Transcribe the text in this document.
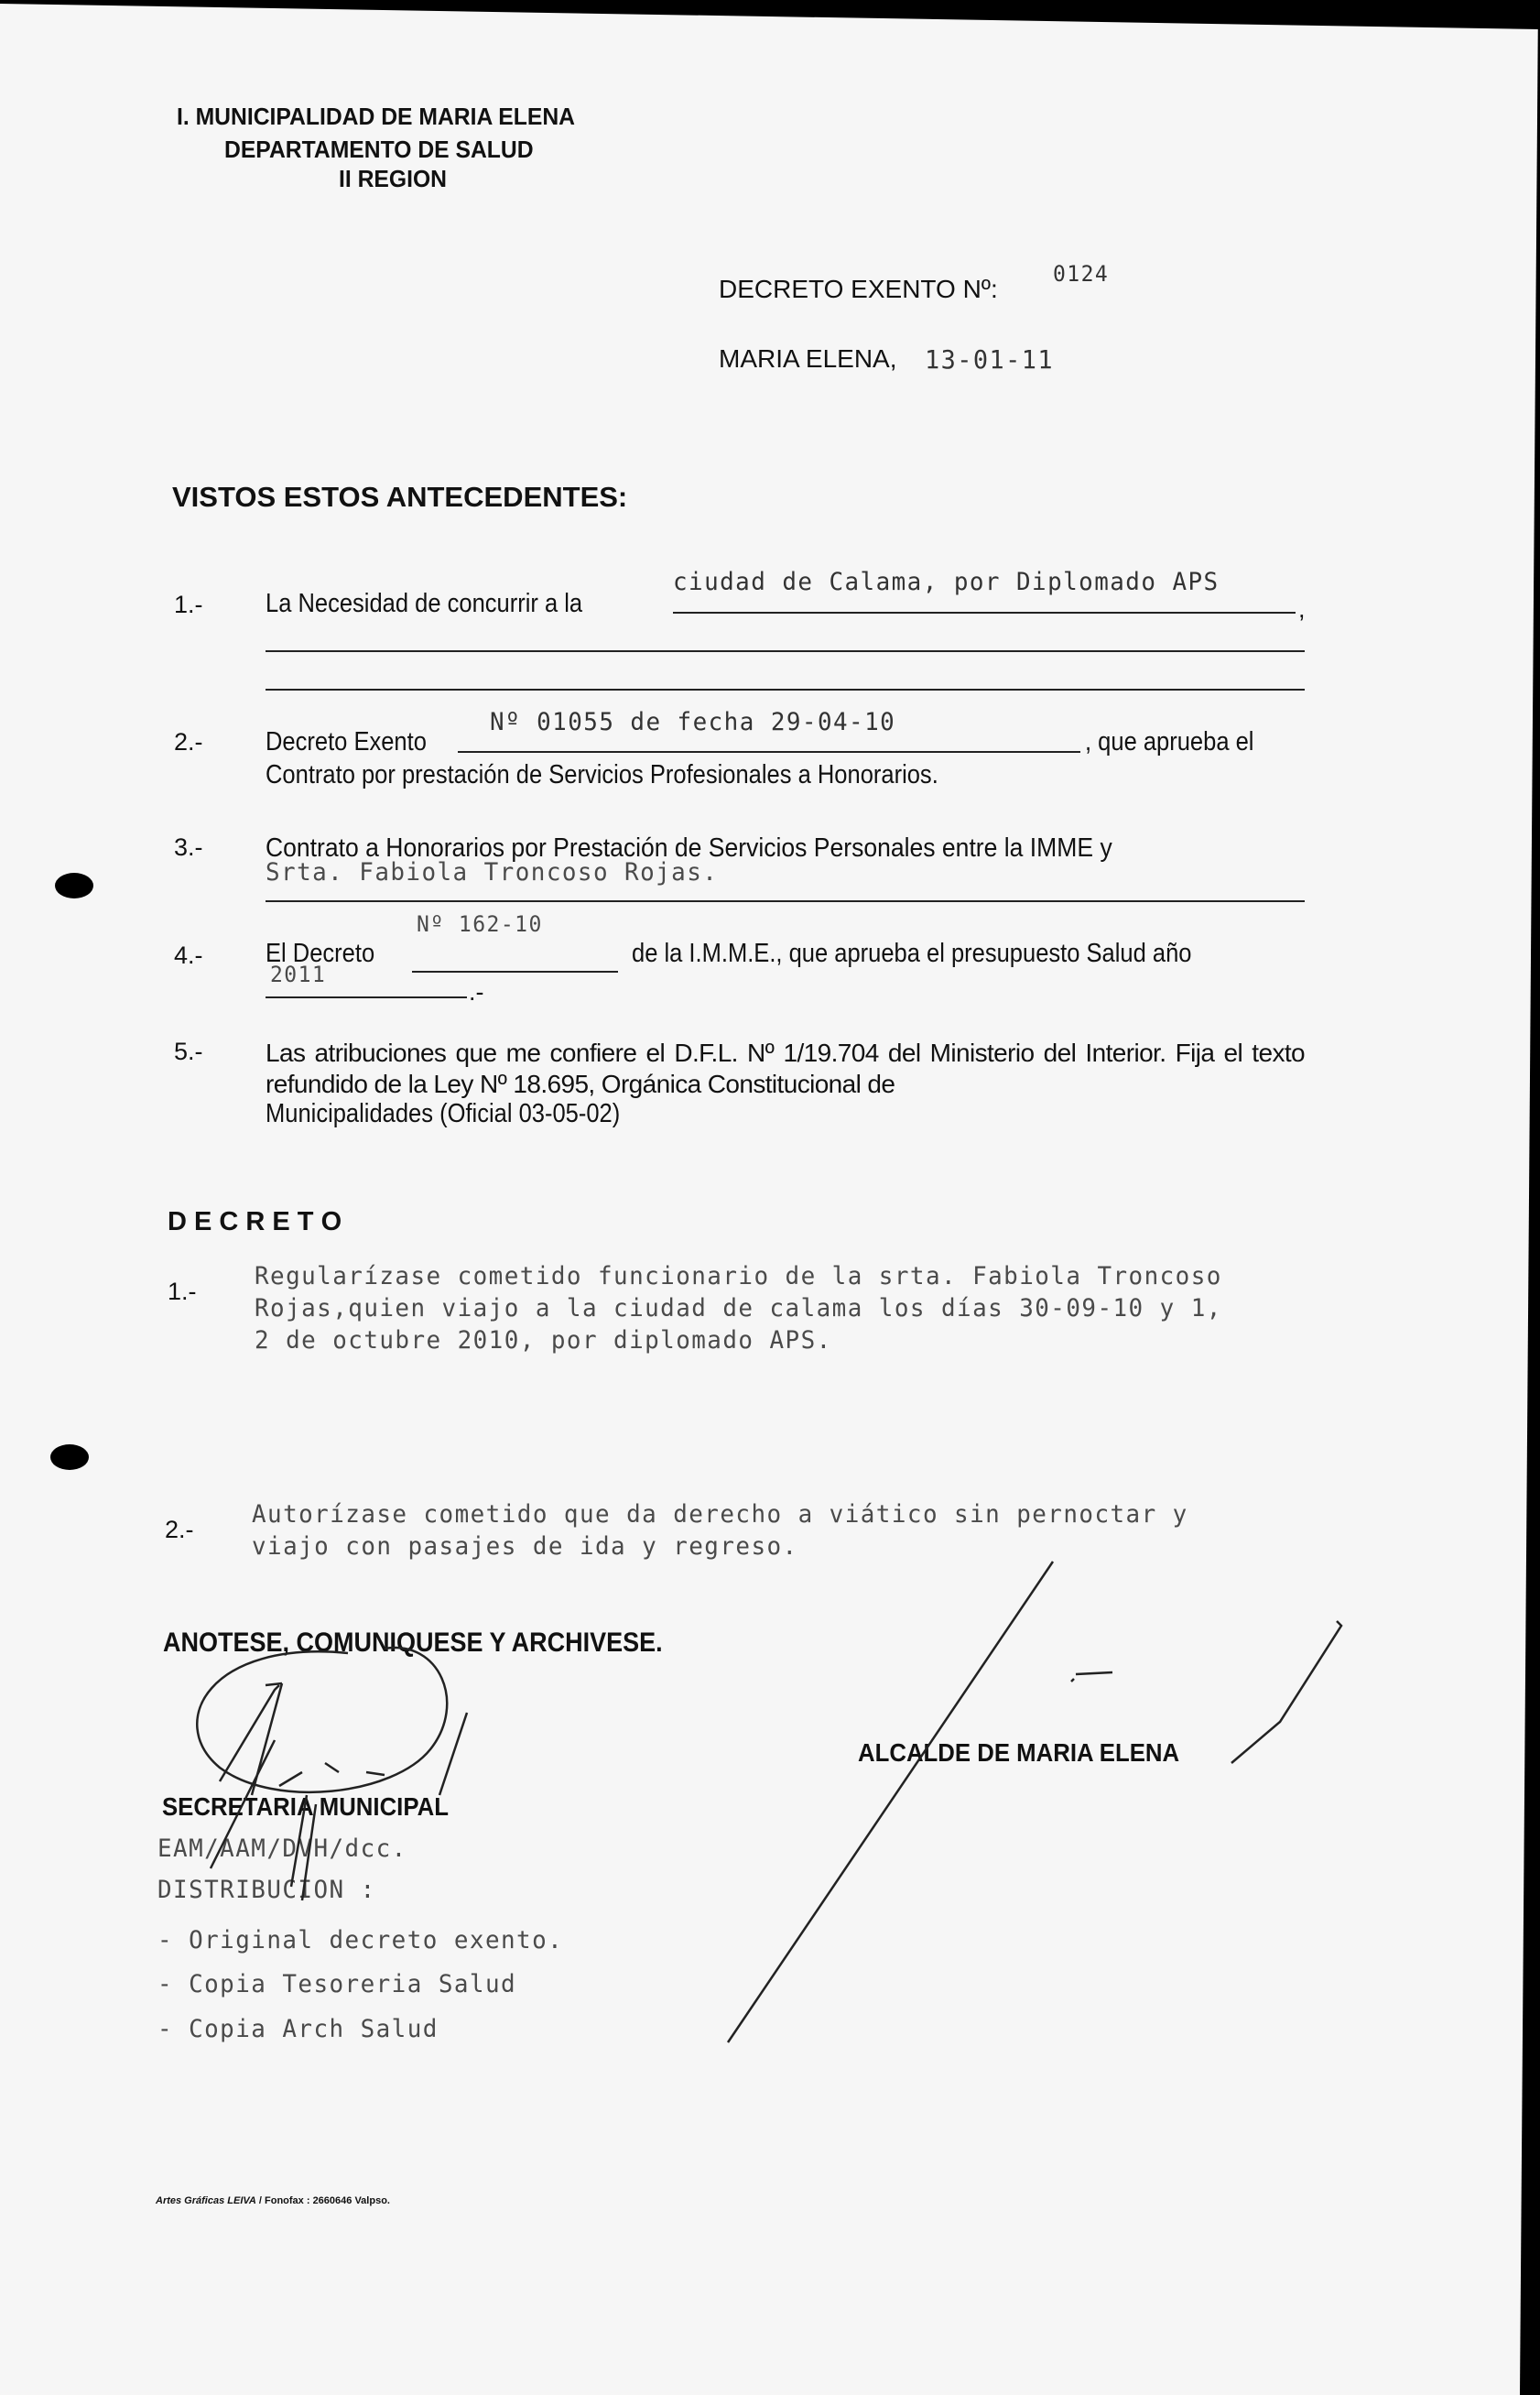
I. MUNICIPALIDAD DE MARIA ELENA
DEPARTAMENTO DE SALUD
II REGION
DECRETO EXENTO Nº:
0124
MARIA ELENA, 13-01-11
VISTOS ESTOS ANTECEDENTES:
1.- La Necesidad de concurrir a la
ciudad de Calama, por Diplomado APS
,
2.- Decreto Exento
Nº 01055 de fecha 29-04-10
, que aprueba el
Contrato por prestación de Servicios Profesionales a Honorarios.
3.- Contrato a Honorarios por Prestación de Servicios Personales entre la IMME y
Srta. Fabiola Troncoso Rojas.
4.- El Decreto
Nº 162-10
de la I.M.M.E., que aprueba el presupuesto Salud año
2011
.-
5.- Las atribuciones que me confiere el D.F.L. Nº 1/19.704 del Ministerio del Interior. Fija el texto refundido de la Ley Nº 18.695, Orgánica Constitucional de
Municipalidades (Oficial 03-05-02)
D E C R E T O
1.-
Regularízase cometido funcionario de la srta. Fabiola Troncoso
Rojas,quien viajo a la ciudad de calama los días 30-09-10 y 1,
2 de octubre 2010, por diplomado APS.
2.-
Autorízase cometido que da derecho a viático sin pernoctar y
viajo con pasajes de ida y regreso.
ANOTESE, COMUNIQUESE Y ARCHIVESE.
ALCALDE DE MARIA ELENA
SECRETARIA MUNICIPAL
EAM/AAM/DVH/dcc.
DISTRIBUCION :
- Original decreto exento.
- Copia Tesoreria Salud
- Copia Arch Salud
Artes Gráficas LEIVA / Fonofax : 2660646 Valpso.
